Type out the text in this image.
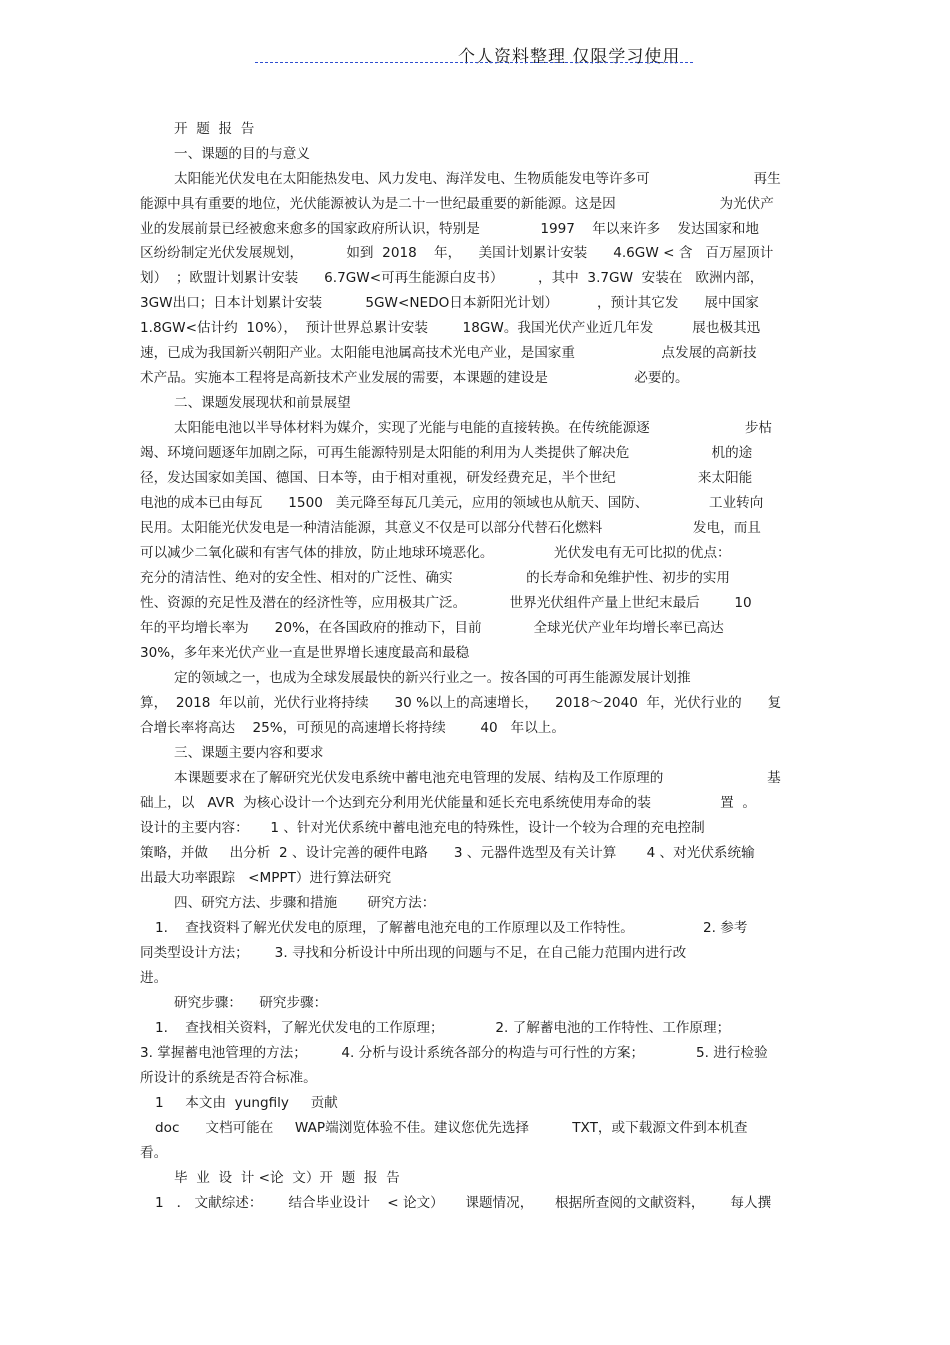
个人资料整理 仅限学习使用
开  题  报  告
一、课题的目的与意义
太阳能光伏发电在太阳能热发电、风力发电、海洋发电、生物质能发电等许多可                        再生
能源中具有重要的地位，光伏能源被认为是二十一世纪最重要的新能源。这是因                        为光伏产
业的发展前景已经被愈来愈多的国家政府所认识，特别是              1997    年以来许多    发达国家和地
区纷纷制定光伏发展规划，          如到  2018    年，    美国计划累计安装      4.6GW < 含   百万屋顶计
划）  ；欧盟计划累计安装      6.7GW<可再生能源白皮书）        ，其中  3.7GW  安装在   欧洲内部，
3GW出口；日本计划累计安装          5GW<NEDO日本新阳光计划）         ，预计其它发      展中国家
1.8GW<估计约  10%），  预计世界总累计安装        18GW。我国光伏产业近几年发         展也极其迅
速，已成为我国新兴朝阳产业。太阳能电池属高技术光电产业，是国家重                    点发展的高新技
术产品。实施本工程将是高新技术产业发展的需要，本课题的建设是                    必要的。
二、课题发展现状和前景展望
太阳能电池以半导体材料为媒介，实现了光能与电能的直接转换。在传统能源逐                      步枯
竭、环境问题逐年加剧之际，可再生能源特别是太阳能的利用为人类提供了解决危                   机的途
径，发达国家如美国、德国、日本等，由于相对重视，研发经费充足，半个世纪                   来太阳能
电池的成本已由每瓦      1500   美元降至每瓦几美元，应用的领域也从航天、国防、              工业转向
民用。太阳能光伏发电是一种清洁能源，其意义不仅是可以部分代替石化燃料                     发电，而且
可以减少二氧化碳和有害气体的排放，防止地球环境恶化。              光伏发电有无可比拟的优点：
充分的清洁性、绝对的安全性、相对的广泛性、确实                 的长寿命和免维护性、初步的实用
性、资源的充足性及潜在的经济性等，应用极其广泛。          世界光伏组件产量上世纪末最后        10
年的平均增长率为      20%，在各国政府的推动下，目前            全球光伏产业年均增长率已高达
30%，多年来光伏产业一直是世界增长速度最高和最稳
定的领域之一，也成为全球发展最快的新兴行业之一。按各国的可再生能源发展计划推
算，  2018  年以前，光伏行业将持续      30 %以上的高速增长，    2018～2040  年，光伏行业的      复
合增长率将高达    25%，可预见的高速增长将持续        40   年以上。
三、课题主要内容和要求
本课题要求在了解研究光伏发电系统中蓄电池充电管理的发展、结构及工作原理的                        基
础上，以   AVR  为核心设计一个达到充分利用光伏能量和延长充电系统使用寿命的装                置  。
设计的主要内容：     1 、针对光伏系统中蓄电池充电的特殊性，设计一个较为合理的充电控制
策略，并做     出分析  2 、设计完善的硬件电路      3 、元器件选型及有关计算       4 、对光伏系统输
出最大功率跟踪   <MPPT）进行算法研究
四、研究方法、步骤和措施       研究方法：
1.    查找资料了解光伏发电的原理，了解蓄电池充电的工作原理以及工作特性。                2. 参考
同类型设计方法；      3. 寻找和分析设计中所出现的问题与不足，在自己能力范围内进行改
进。
研究步骤：    研究步骤：
1.    查找相关资料，了解光伏发电的工作原理；            2. 了解蓄电池的工作特性、工作原理；
3. 掌握蓄电池管理的方法；        4. 分析与设计系统各部分的构造与可行性的方案；            5. 进行检验
所设计的系统是否符合标准。
1     本文由  yungfily     贡献
doc      文档可能在     WAP端浏览体验不佳。建议您优先选择          TXT，或下载源文件到本机查
看。
毕  业  设  计 <论  文）开  题  报  告
1   ． 文献综述：      结合毕业设计    < 论文）     课题情况，     根据所查阅的文献资料，      每人撰
